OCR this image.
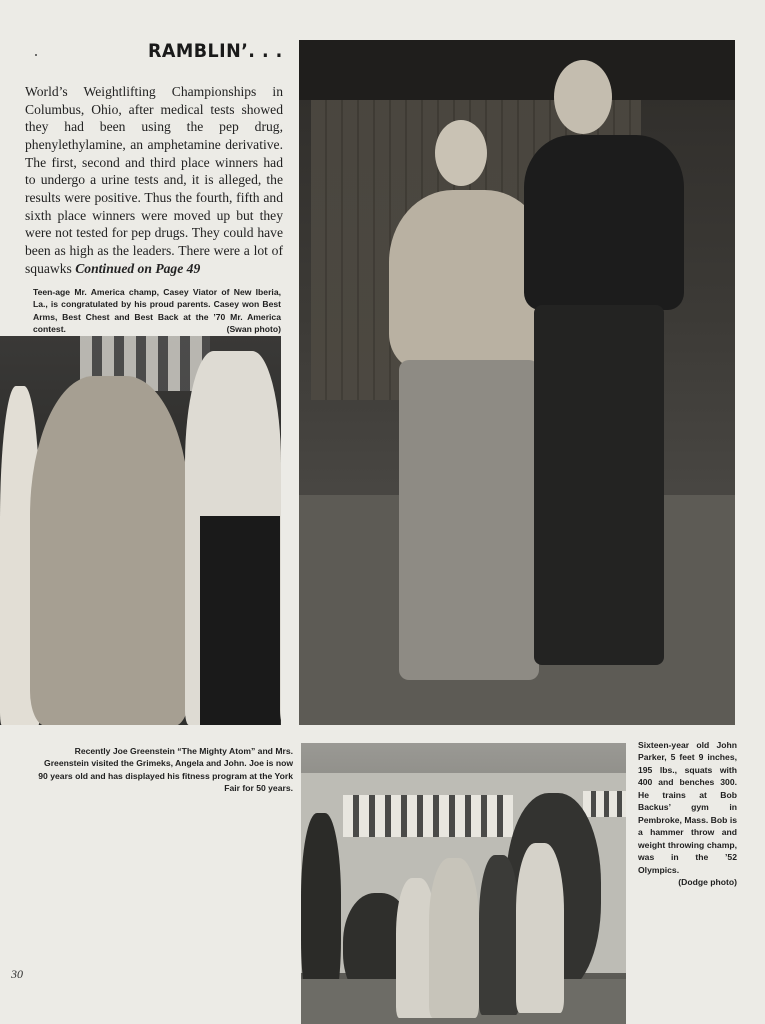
RAMBLIN’. . .

World’s Weightlifting Championships in Columbus, Ohio, after medical tests showed they had been using the pep drug, phenylethylamine, an amphetamine derivative. The first, second and third place winners had to undergo a urine tests and, it is alleged, the results were positive. Thus the fourth, fifth and sixth place winners were moved up but they were not tested for pep drugs. They could have been as high as the leaders. There were a lot of squawks Continued on Page 49

Teen-age Mr. America champ, Casey Viator of New Iberia, La., is congratulated by his proud parents. Casey won Best Arms, Best Chest and Best Back at the ’70 Mr. America contest.	(Swan photo)
Recently Joe Greenstein “The Mighty Atom” and Mrs. Greenstein visited the Grimeks, Angela and John. Joe is now 90 years old and has displayed his fitness program at the York Fair for 50 years.
Sixteen-year old John Parker, 5 feet 9 inches, 195 lbs., squats with 400 and benches 300. He trains at Bob Backus’ gym in Pembroke, Mass. Bob is a hammer throw and weight throwing champ, was in the ’52 Olympics.
(Dodge photo)
30
